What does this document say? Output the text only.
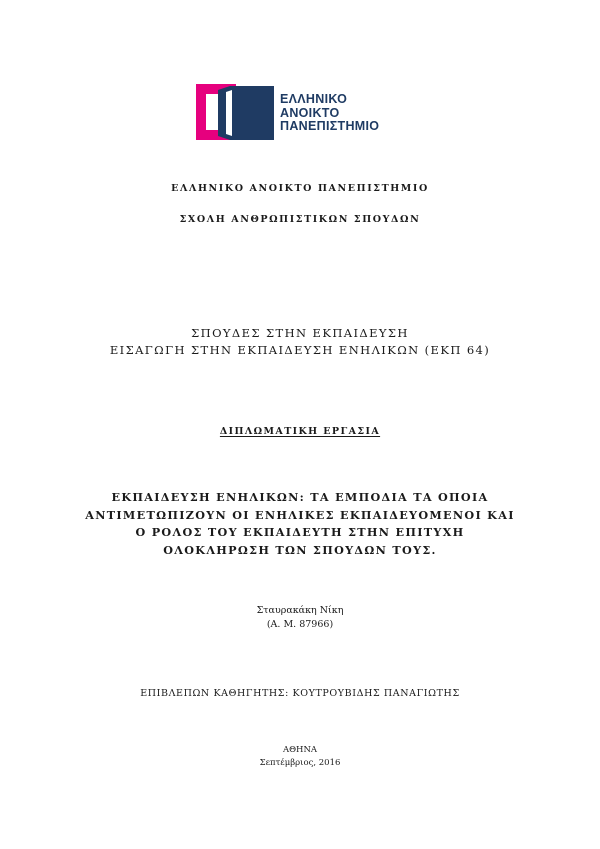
ΕΛΛΗΝΙΚΟ
ΑΝΟΙΚΤΟ
ΠΑΝΕΠΙΣΤΗΜΙΟ
ΕΛΛΗΝΙΚΟ ΑΝΟΙΚΤΟ ΠΑΝΕΠΙΣΤΗΜΙΟ
ΣΧΟΛΗ ΑΝΘΡΩΠΙΣΤΙΚΩΝ ΣΠΟΥΔΩΝ
ΣΠΟΥΔΕΣ ΣΤΗΝ ΕΚΠΑΙΔΕΥΣΗ
ΕΙΣΑΓΩΓΗ ΣΤΗΝ ΕΚΠΑΙΔΕΥΣΗ ΕΝΗΛΙΚΩΝ (ΕΚΠ 64)
ΔΙΠΛΩΜΑΤΙΚΗ ΕΡΓΑΣΙΑ
ΕΚΠΑΙΔΕΥΣΗ ΕΝΗΛΙΚΩΝ: ΤΑ ΕΜΠΟΔΙΑ ΤΑ ΟΠΟΙΑ
ΑΝΤΙΜΕΤΩΠΙΖΟΥΝ ΟΙ ΕΝΗΛΙΚΕΣ ΕΚΠΑΙΔΕΥΟΜΕΝΟΙ ΚΑΙ
Ο ΡΟΛΟΣ ΤΟΥ ΕΚΠΑΙΔΕΥΤΗ ΣΤΗΝ ΕΠΙΤΥΧΗ
ΟΛΟΚΛΗΡΩΣΗ ΤΩΝ ΣΠΟΥΔΩΝ ΤΟΥΣ.
Σταυρακάκη Νίκη
(Α. Μ. 87966)
ΕΠΙΒΛΕΠΩΝ ΚΑΘΗΓΗΤΗΣ: ΚΟΥΤΡΟΥΒΙΔΗΣ ΠΑΝΑΓΙΩΤΗΣ
ΑΘΗΝΑ
Σεπτέμβριος, 2016
